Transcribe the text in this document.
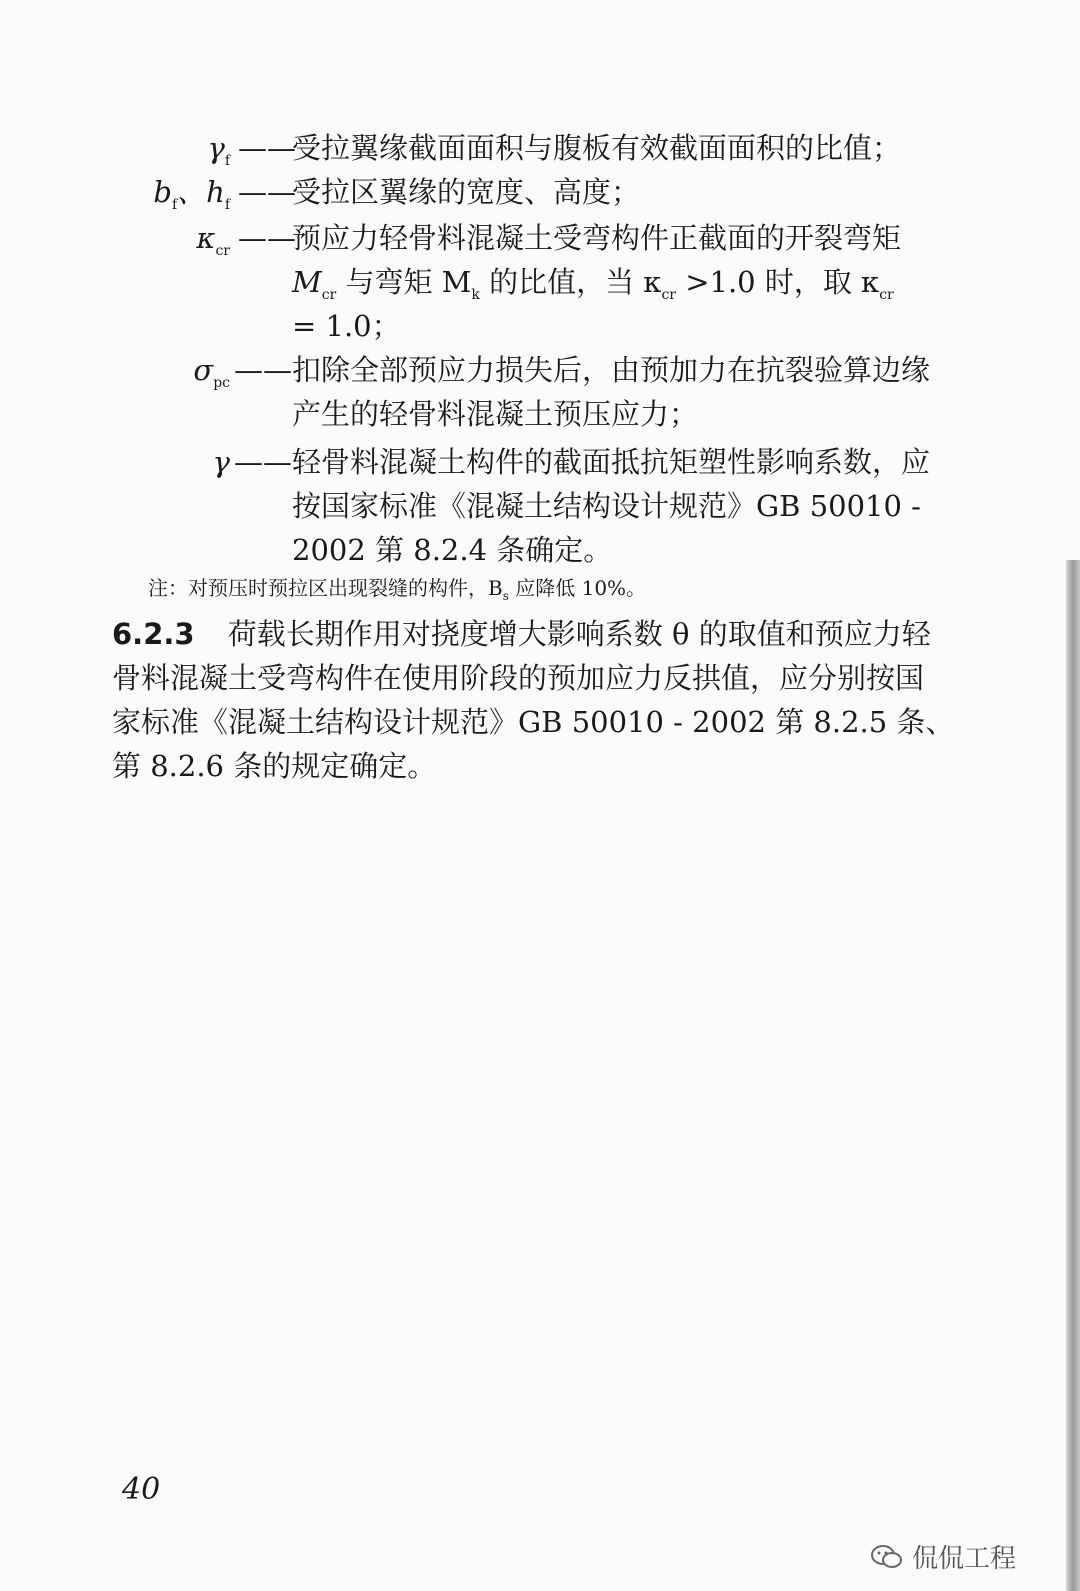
$\gamma_f$ ——
受拉翼缘截面面积与腹板有效截面面积的比值；
$b_f$、$h_f$ ——
受拉区翼缘的宽度、高度；
$\kappa_{cr}$ ——
预应力轻骨料混凝土受弯构件正截面的开裂弯矩
$M_{cr}$ 与弯矩 $M_k$ 的比值，当 $\kappa_{cr} >1.0$ 时，取 $\kappa_{cr}$
= 1.0；
$\sigma_{pc}$ —— 扣除全部预应力损失后，由预加力在抗裂验算边缘
产生的轻骨料混凝土预压应力；
γ —— 轻骨料混凝土构件的截面抵抗矩塑性影响系数，应
按国家标准《混凝土结构设计规范》GB 50010 -
2002 第 8.2.4 条确定。
注：对预压时预拉区出现裂缝的构件，$B_s$ 应降低 10%。
6.2.3 荷载长期作用对挠度增大影响系数 θ 的取值和预应力轻
骨料混凝土受弯构件在使用阶段的预加应力反拱值，应分别按国
家标准《混凝土结构设计规范》GB 50010 - 2002 第 8.2.5 条、
第 8.2.6 条的规定确定。
40
侃侃工程
